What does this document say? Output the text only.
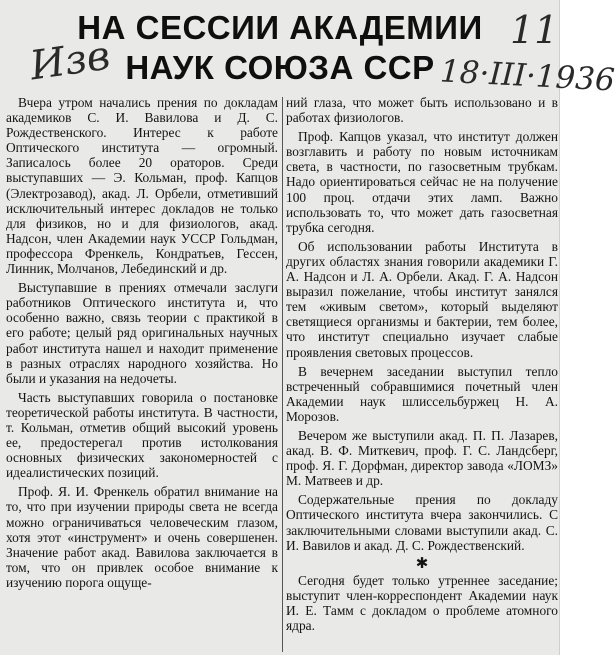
НА СЕССИИ АКАДЕМИИ
НАУК СОЮЗА ССР
Изв
11
18·III·1936

Вчера утром начались прения по докладам академиков С. И. Вавилова и Д. С. Рождественского. Интерес к работе Оптического института — огромный. Записалось более 20 ораторов. Среди выступавших — Э. Кольман, проф. Капцов (Электрозавод), акад. Л. Орбели, отметивший исключительный интерес докладов не только для физиков, но и для физиологов, акад. Надсон, член Академии наук УССР Гольдман, профессора Френкель, Кондратьев, Гессен, Линник, Молчанов, Лебединский и др.

Выступавшие в прениях отмечали заслуги работников Оптического института и, что особенно важно, связь теории с практикой в его работе; целый ряд оригинальных научных работ института нашел и находит применение в разных отраслях народного хозяйства. Но были и указания на недочеты.

Часть выступавших говорила о постановке теоретической работы института. В частности, т. Кольман, отметив общий высокий уровень ее, предостерегал против истолкования основных физических закономерностей с идеалистических позиций.

Проф. Я. И. Френкель обратил внимание на то, что при изучении природы света не всегда можно ограничиваться человеческим глазом, хотя этот «инструмент» и очень совершенен. Значение работ акад. Вавилова заключается в том, что он привлек особое внимание к изучению порога ощуще-

ний глаза, что может быть использовано и в работах физиологов.

Проф. Капцов указал, что институт должен возглавить и работу по новым источникам света, в частности, по газосветным трубкам. Надо ориентироваться сейчас не на получение 100 проц. отдачи этих ламп. Важно использовать то, что может дать газосветная трубка сегодня.

Об использовании работы Института в других областях знания говорили академики Г. А. Надсон и Л. А. Орбели. Акад. Г. А. Надсон выразил пожелание, чтобы институт занялся тем «живым светом», который выделяют светящиеся организмы и бактерии, тем более, что институт специально изучает слабые проявления световых процессов.

В вечернем заседании выступил тепло встреченный собравшимися почетный член Академии наук шлиссельбуржец Н. А. Морозов.

Вечером же выступили акад. П. П. Лазарев, акад. В. Ф. Миткевич, проф. Г. С. Ландсберг, проф. Я. Г. Дорфман, директор завода «ЛОМЗ» М. Матвеев и др.

Содержательные прения по докладу Оптического института вчера закончились. С заключительными словами выступили акад. С. И. Вавилов и акад. Д. С. Рождественский.

✱

Сегодня будет только утреннее заседание; выступит член-корреспондент Академии наук И. Е. Тамм с докладом о проблеме атомного ядра.
